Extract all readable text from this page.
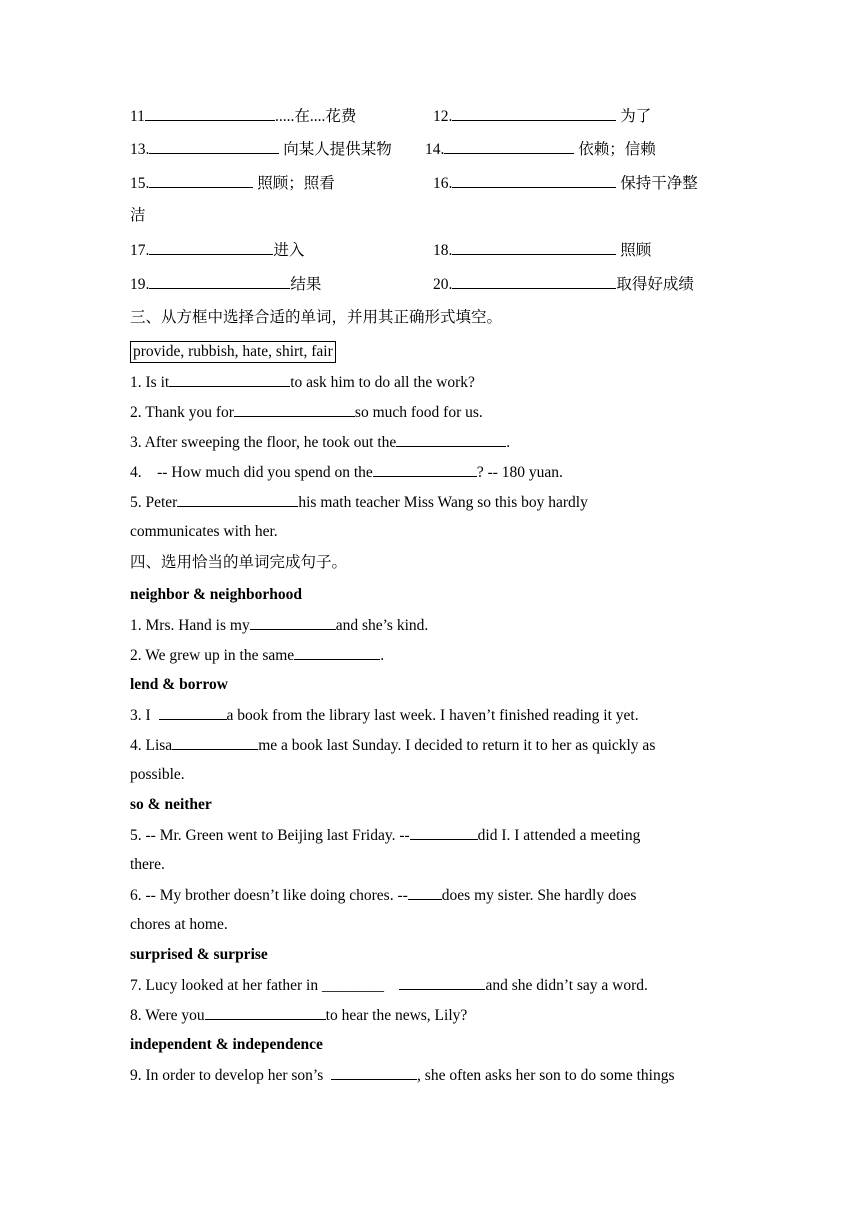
11	.....在....花费	12.	为了
13.	向某人提供某物 14.	依赖；信赖
15.	照顾；照看	16.	保持干净整
洁
17.	进入	18.	照顾
19.	结果	20.	取得好成绩
三、从方框中选择合适的单词，并用其正确形式填空。
provide, rubbish, hate, shirt, fair
1. Is it	to ask him to do all the work?
2. Thank you for	so much food for us.
3. After sweeping the floor, he took out the	.
4.    -- How much did you spend on the	? -- 180 yuan.
5. Peter	his math teacher Miss Wang so this boy hardly
communicates with her.
四、选用恰当的单词完成句子。
neighbor & neighborhood
1. Mrs. Hand is my	and she’s kind.
2. We grew up in the same	.
lend & borrow
3. I	a book from the library last week. I haven’t finished reading it yet.
4. Lisa	me a book last Sunday. I decided to return it to her as quickly as
possible.
so & neither
5. -- Mr. Green went to Beijing last Friday. --	did I. I attended a meeting
there.
6. -- My brother doesn’t like doing chores. -- does my sister. She hardly does
chores at home.
surprised & surprise
7. Lucy looked at her father in ________	and she didn’t say a word.
8. Were you	to hear the news, Lily?
independent & independence
9. In order to develop her son’s	, she often asks her son to do some things
